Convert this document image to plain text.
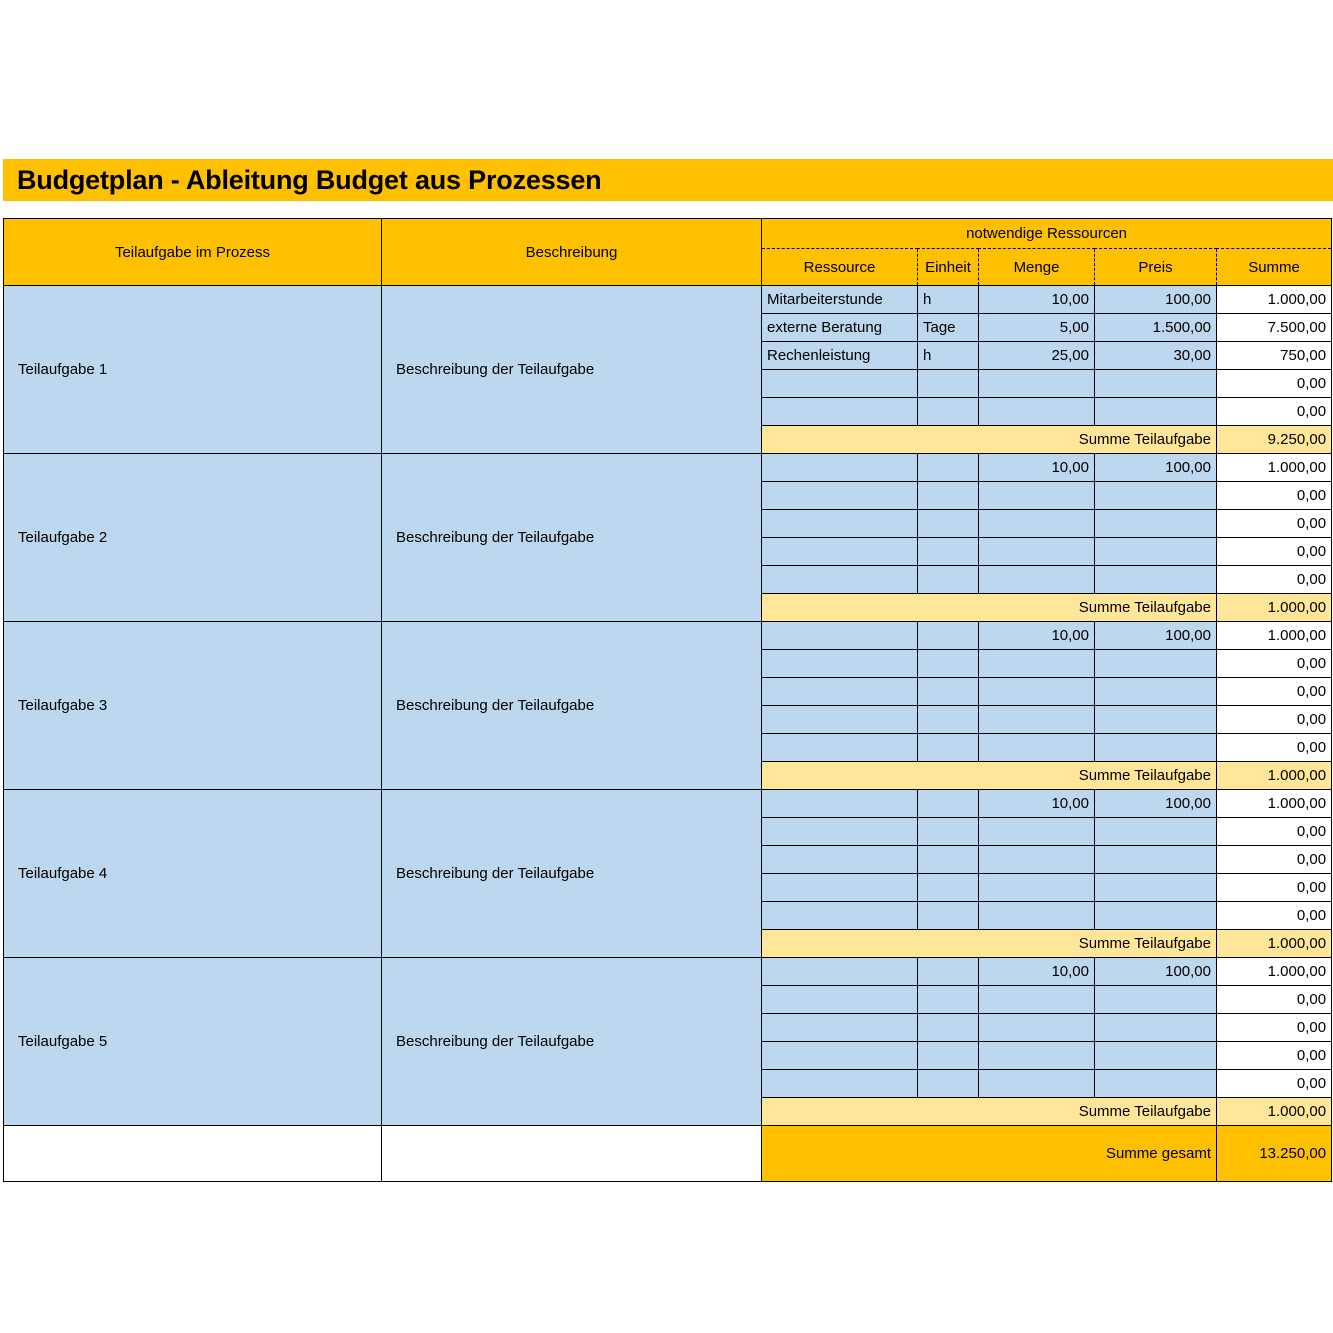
Budgetplan - Ableitung Budget aus Prozessen
Teilaufgabe im Prozess	Beschreibung	notwendige Ressourcen				
		Ressource	Einheit	Menge	Preis	Summe
Teilaufgabe 1	Beschreibung der Teilaufgabe	Mitarbeiterstunde	h	10,00	100,00	1.000,00
		externe Beratung	Tage	5,00	1.500,00	7.500,00
		Rechenleistung	h	25,00	30,00	750,00
						0,00
						0,00
		Summe Teilaufgabe				9.250,00
Teilaufgabe 2	Beschreibung der Teilaufgabe			10,00	100,00	1.000,00
						0,00
						0,00
						0,00
						0,00
		Summe Teilaufgabe				1.000,00
Teilaufgabe 3	Beschreibung der Teilaufgabe			10,00	100,00	1.000,00
						0,00
						0,00
						0,00
						0,00
		Summe Teilaufgabe				1.000,00
Teilaufgabe 4	Beschreibung der Teilaufgabe			10,00	100,00	1.000,00
						0,00
						0,00
						0,00
						0,00
		Summe Teilaufgabe				1.000,00
Teilaufgabe 5	Beschreibung der Teilaufgabe			10,00	100,00	1.000,00
						0,00
						0,00
						0,00
						0,00
		Summe Teilaufgabe				1.000,00
		Summe gesamt				13.250,00
